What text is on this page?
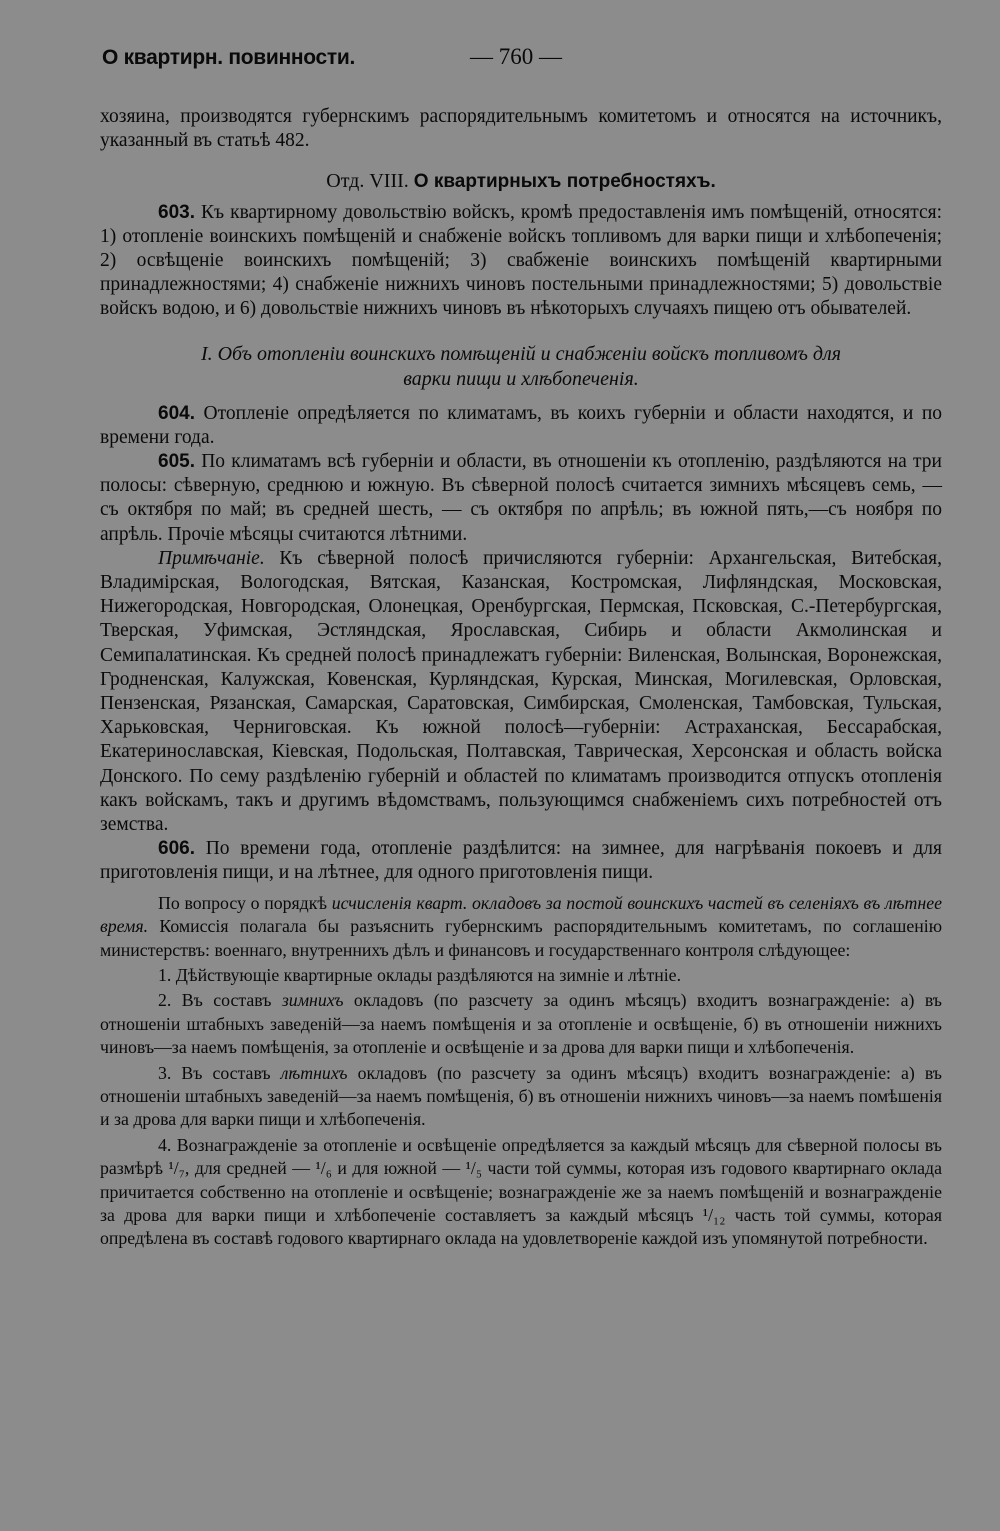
О квартирн. повинности.	— 760 —

хозяина, производятся губернскимъ распорядительнымъ комитетомъ и относятся на источникъ, указанный въ статьѣ 482.

Отд. VIII. О квартирныхъ потребностяхъ.

603. Къ квартирному довольствію войскъ, кромѣ предоставленія имъ помѣщеній, относятся: 1) отопленіе воинскихъ помѣщеній и снабженіе войскъ топливомъ для варки пищи и хлѣбопеченія; 2) освѣщеніе воинскихъ помѣщеній; 3) свабженіе воинскихъ помѣщеній квартирными принадлежностями; 4) снабженіе нижнихъ чиновъ постельными принадлежностями; 5) довольствіе войскъ водою, и 6) довольствіе нижнихъ чиновъ въ нѣкоторыхъ случаяхъ пищею отъ обывателей.

I. Объ отопленіи воинскихъ помѣщеній и снабженіи войскъ топливомъ для
варки пищи и хлѣбопеченія.

604. Отопленіе опредѣляется по климатамъ, въ коихъ губерніи и области находятся, и по времени года.

605. По климатамъ всѣ губерніи и области, въ отношеніи къ отопленію, раздѣляются на три полосы: сѣверную, среднюю и южную. Въ сѣверной полосѣ считается зимнихъ мѣсяцевъ семь, — съ октября по май; въ средней шесть, — съ октября по апрѣль; въ южной пять,—съ ноября по апрѣль. Прочіе мѣсяцы считаются лѣтними.

Примѣчаніе. Къ сѣверной полосѣ причисляются губерніи: Архангельская, Витебская, Владимірская, Вологодская, Вятская, Казанская, Костромская, Лифляндская, Московская, Нижегородская, Новгородская, Олонецкая, Оренбургская, Пермская, Псковская, С.-Петербургская, Тверская, Уфимская, Эстляндская, Ярославская, Сибирь и области Акмолинская и Семипалатинская. Къ средней полосѣ принадлежатъ губерніи: Виленская, Волынская, Воронежская, Гродненская, Калужская, Ковенская, Курляндская, Курская, Минская, Могилевская, Орловская, Пензенская, Рязанская, Самарская, Саратовская, Симбирская, Смоленская, Тамбовская, Тульская, Харьковская, Черниговская. Къ южной полосѣ—губерніи: Астраханская, Бессарабская, Екатеринославская, Кіевская, Подольская, Полтавская, Таврическая, Херсонская и область войска Донского. По сему раздѣленію губерній и областей по климатамъ производится отпускъ отопленія какъ войскамъ, такъ и другимъ вѣдомствамъ, пользующимся снабженіемъ сихъ потребностей отъ земства.

606. По времени года, отопленіе раздѣлится: на зимнее, для нагрѣванія покоевъ и для приготовленія пищи, и на лѣтнее, для одного приготовленія пищи.

По вопросу о порядкѣ исчисленія кварт. окладовъ за постой воинскихъ частей въ селеніяхъ въ лѣтнее время. Комиссія полагала бы разъяснить губернскимъ распорядительнымъ комитетамъ, по соглашенію министерствъ: военнаго, внутреннихъ дѣлъ и финансовъ и государственнаго контроля слѣдующее:

1. Дѣйствующіе квартирные оклады раздѣляются на зимніе и лѣтніе.

2. Въ составъ зимнихъ окладовъ (по разсчету за одинъ мѣсяцъ) входитъ вознагражденіе: а) въ отношеніи штабныхъ заведеній—за наемъ помѣщенія и за отопленіе и освѣщеніе, б) въ отношеніи нижнихъ чиновъ—за наемъ помѣщенія, за отопленіе и освѣщеніе и за дрова для варки пищи и хлѣбопеченія.

3. Въ составъ лѣтнихъ окладовъ (по разсчету за одинъ мѣсяцъ) входитъ вознагражденіе: а) въ отношеніи штабныхъ заведеній—за наемъ помѣщенія, б) въ отношеніи нижнихъ чиновъ—за наемъ помѣшенія и за дрова для варки пищи и хлѣбопеченія.

4. Вознагражденіе за отопленіе и освѣщеніе опредѣляется за каждый мѣсяцъ для сѣверной полосы въ размѣрѣ ¹/₇, для средней — ¹/₆ и для южной — ¹/₅ части той суммы, которая изъ годового квартирнаго оклада причитается собственно на отопленіе и освѣщеніе; вознагражденіе же за наемъ помѣщеній и вознагражденіе за дрова для варки пищи и хлѣбопеченіе составляетъ за каждый мѣсяцъ ¹/₁₂ часть той суммы, которая опредѣлена въ составѣ годового квартирнаго оклада на удовлетвореніе каждой изъ упомянутой потребности.
